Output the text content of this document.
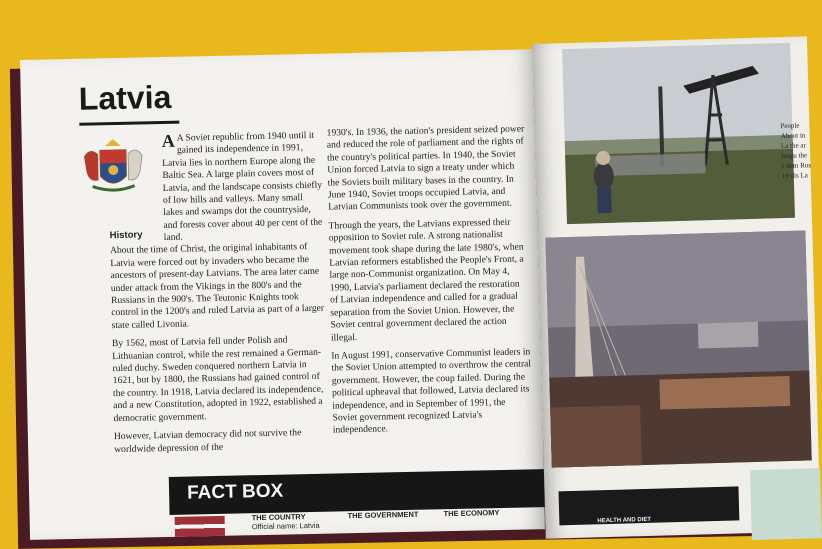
Latvia
A A Soviet republic from 1940 until it gained its independence in 1991, Latvia lies in northern Europe along the Baltic Sea. A large plain covers most of Latvia, and the landscape consists chiefly of low hills and valleys. Many small lakes and swamps dot the countryside, and forests cover about 40 per cent of the land.
History

About the time of Christ, the original inhabitants of Latvia were forced out by invaders who became the ancestors of present-day Latvians. The area later came under attack from the Vikings in the 800's and the Russians in the 900's. The Teutonic Knights took control in the 1200's and ruled Latvia as part of a larger state called Livonia.

By 1562, most of Latvia fell under Polish and Lithuanian control, while the rest remained a German-ruled duchy. Sweden conquered northern Latvia in 1621, but by 1800, the Russians had gained control of the country. In 1918, Latvia declared its independence, and a new Constitution, adopted in 1922, established a democratic government.

However, Latvian democracy did not survive the worldwide depression of the

1930's. In 1936, the nation's president seized power and reduced the role of parliament and the rights of the country's political parties. In 1940, the Soviet Union forced Latvia to sign a treaty under which the Soviets built military bases in the country. In June 1940, Soviet troops occupied Latvia, and Latvian Communists took over the government.

Through the years, the Latvians expressed their opposition to Soviet rule. A strong nationalist movement took shape during the late 1980's, when Latvian reformers established the People's Front, a large non-Communist organization. On May 4, 1990, Latvia's parliament declared the restoration of Latvian independence and called for a gradual separation from the Soviet Union. However, the Soviet central government declared the action illegal.

In August 1991, conservative Communist leaders in the Soviet Union attempted to overthrow the central government. However, the coup failed. During the political upheaval that followed, Latvia declared its independence, and in September of 1991, the Soviet government recognized Latvia's independence.

FACT BOX
THE COUNTRY
Official name: Latvia
THE GOVERNMENT	THE ECONOMY
People About in La the ar langu the c dem Rus 19 dis La
HEALTH AND DIET
